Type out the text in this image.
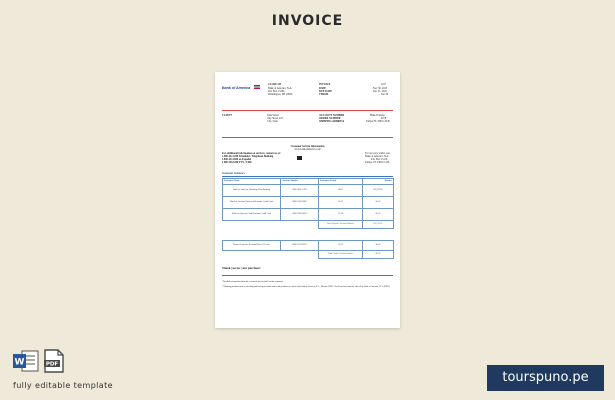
INVOICE
Bank of America
CLOSE-UP
Bank of America, N.A.
P.O. Box 15284
Wilmington, DE 19850
INVOICE	1917
DATE	Nov 30, 2025
DUE DATE	Dec 31, 2025
TERMS	Net 30
CLIENT	John Sutter
Any Street 123
City, State
ACCOUNT NUMBER	Bank Transfer
ORDER NUMBER	9278
SHIPPING ADDRESS	Tampa FL 33631-3230
Customer Service Information
www.bankofamerica.com
For additional information on services, contact us at:
1.800.432.1000 Scheduler / Telephone Banking
1.800.432.4000 en Español
1.800.348.5200 TTY / TDD
For our easy wallet, see:
Bank of America, N.A.
P.O. Box 25118
Tampa, FL 33622-5118
Statement Summary
Statement Name	Account Number	Statement Period	Balance
Bank of America Advantage Plus Banking	0000 4832 1783	10/31	$2,178.03
Bank of America Preferred Rewards Credit Card	0000 5241 6902	11/12	$0.00
Bank of America Cash Rewards Credit Card	0000 2283 6814	11/14	$0.00
		Total Deposit Account Balance	$2,178.03
Bank of America Personal Line of Credit	0000 1074 9921	11/21	$0.00
		Total Credit Account Balance	$0.00
Thank you for your purchase!
*Detailed information about the account is not included on this summary.
**Banking products such as checking and savings accounts and credit products are offered by Bank of America, N.A., Member FDIC. Credit card accounts are offered by Bank of America, N.A. (FDIC).
W	PDF
fully editable template
tourspuno.pe
